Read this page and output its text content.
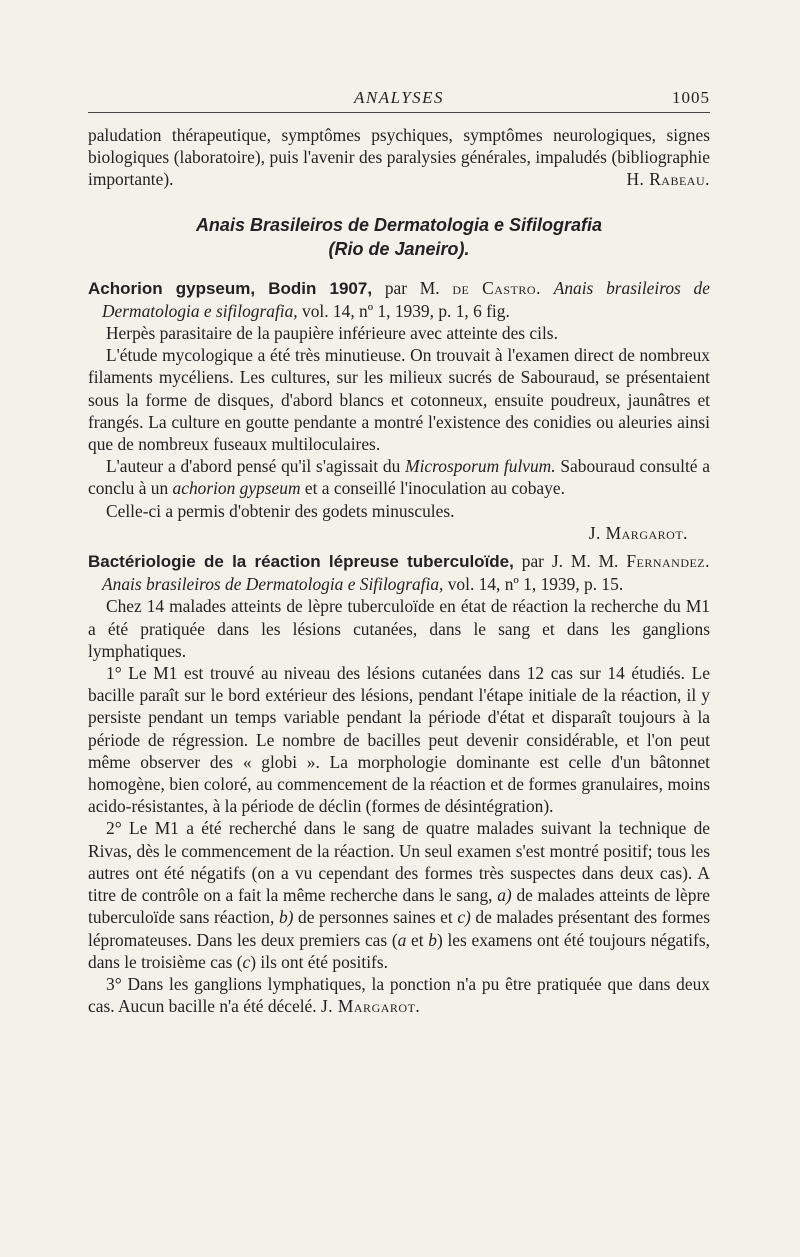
ANALYSES	1005

paludation thérapeutique, symptômes psychiques, symptômes neurologiques, signes biologiques (laboratoire), puis l'avenir des paralysies générales, impaludés (bibliographie importante).	H. Rabeau.

Anais Brasileiros de Dermatologia e Sifilografia
(Rio de Janeiro).

Achorion gypseum, Bodin 1907, par M. de Castro. Anais brasileiros de Dermatologia e sifilografia, vol. 14, nº 1, 1939, p. 1, 6 fig.

Herpès parasitaire de la paupière inférieure avec atteinte des cils.

L'étude mycologique a été très minutieuse. On trouvait à l'examen direct de nombreux filaments mycéliens. Les cultures, sur les milieux sucrés de Sabouraud, se présentaient sous la forme de disques, d'abord blancs et cotonneux, ensuite poudreux, jaunâtres et frangés. La culture en goutte pendante a montré l'existence des conidies ou aleuries ainsi que de nombreux fuseaux multiloculaires.

L'auteur a d'abord pensé qu'il s'agissait du Microsporum fulvum. Sabouraud consulté a conclu à un achorion gypseum et a conseillé l'inoculation au cobaye.

Celle-ci a permis d'obtenir des godets minuscules.

J. Margarot.

Bactériologie de la réaction lépreuse tuberculoïde, par J. M. M. Fernandez. Anais brasileiros de Dermatologia e Sifilografia, vol. 14, nº 1, 1939, p. 15.

Chez 14 malades atteints de lèpre tuberculoïde en état de réaction la recherche du M1 a été pratiquée dans les lésions cutanées, dans le sang et dans les ganglions lymphatiques.

1° Le M1 est trouvé au niveau des lésions cutanées dans 12 cas sur 14 étudiés. Le bacille paraît sur le bord extérieur des lésions, pendant l'étape initiale de la réaction, il y persiste pendant un temps variable pendant la période d'état et disparaît toujours à la période de régression. Le nombre de bacilles peut devenir considérable, et l'on peut même observer des « globi ». La morphologie dominante est celle d'un bâtonnet homogène, bien coloré, au commencement de la réaction et de formes granulaires, moins acido-résistantes, à la période de déclin (formes de désintégration).

2° Le M1 a été recherché dans le sang de quatre malades suivant la technique de Rivas, dès le commencement de la réaction. Un seul examen s'est montré positif; tous les autres ont été négatifs (on a vu cependant des formes très suspectes dans deux cas). A titre de contrôle on a fait la même recherche dans le sang, a) de malades atteints de lèpre tuberculoïde sans réaction, b) de personnes saines et c) de malades présentant des formes lépromateuses. Dans les deux premiers cas (a et b) les examens ont été toujours négatifs, dans le troisième cas (c) ils ont été positifs.

3° Dans les ganglions lymphatiques, la ponction n'a pu être pratiquée que dans deux cas. Aucun bacille n'a été décelé. J. Margarot.
